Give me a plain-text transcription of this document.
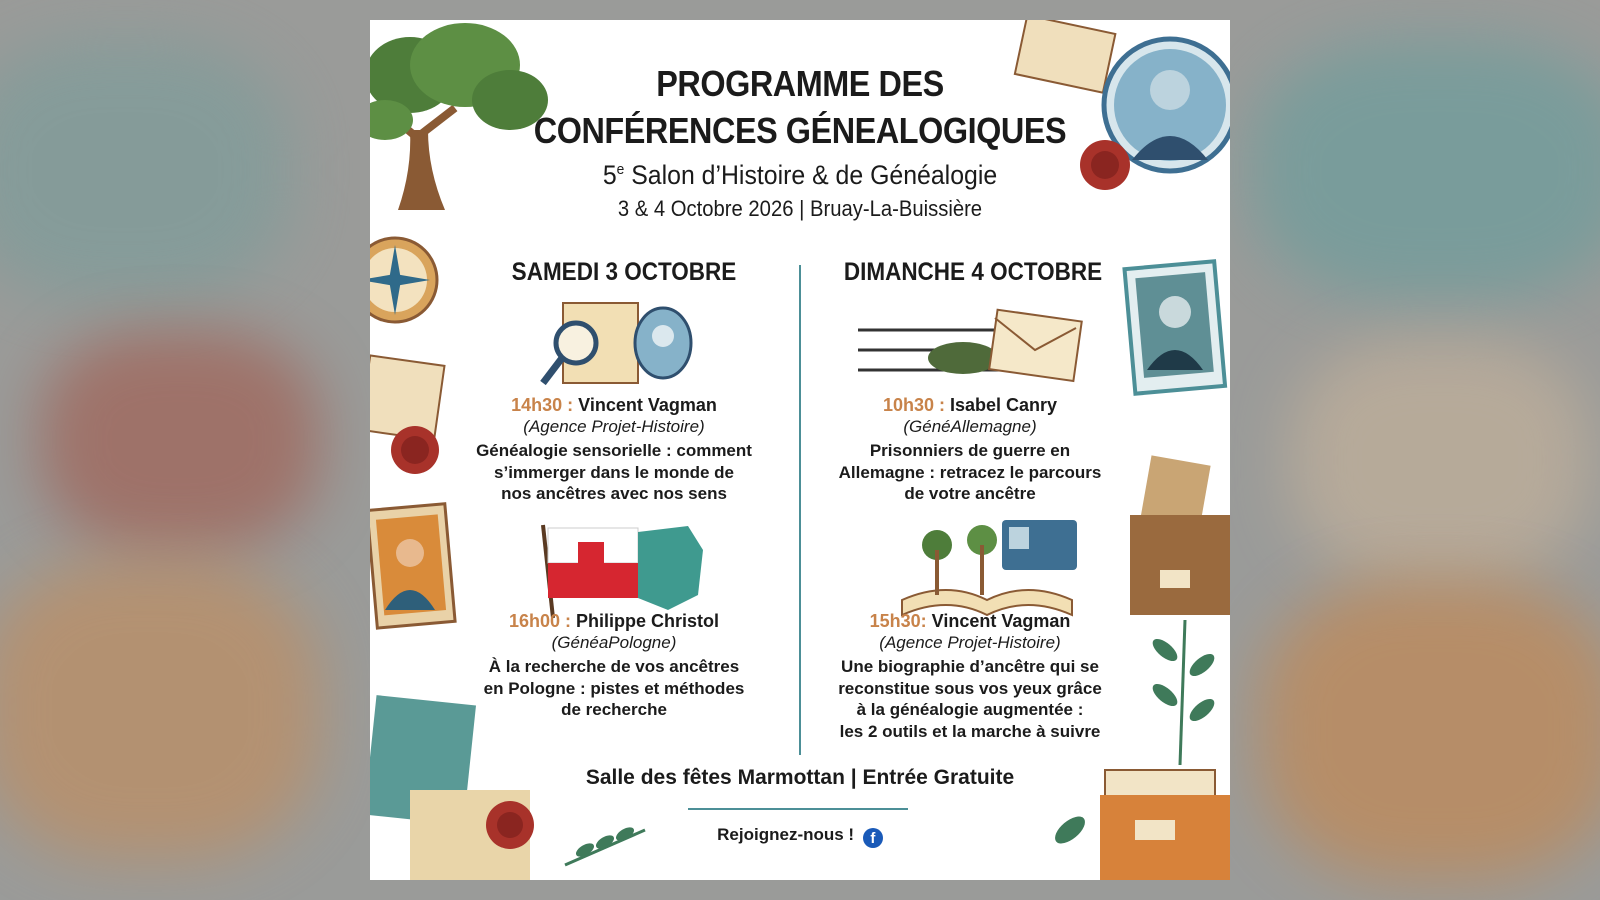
PROGRAMME DES
CONFÉRENCES GÉNEALOGIQUES
5e Salon d’Histoire & de Généalogie
3 & 4 Octobre 2026 | Bruay-La-Buissière
SAMEDI 3 OCTOBRE	DIMANCHE 4 OCTOBRE
14h30 : Vincent Vagman
(Agence Projet-Histoire)
Généalogie sensorielle : comment
s’immerger dans le monde de
nos ancêtres avec nos sens
16h00 : Philippe Christol
(GénéaPologne)
À la recherche de vos ancêtres
en Pologne : pistes et méthodes
de recherche
10h30 : Isabel Canry
(GénéAllemagne)
Prisonniers de guerre en
Allemagne : retracez le parcours
de votre ancêtre
15h30: Vincent Vagman
(Agence Projet-Histoire)
Une biographie d’ancêtre qui se
reconstitue sous vos yeux grâce
à la généalogie augmentée :
les 2 outils et la marche à suivre
Salle des fêtes Marmottan | Entrée Gratuite
Rejoignez-nous ! f
